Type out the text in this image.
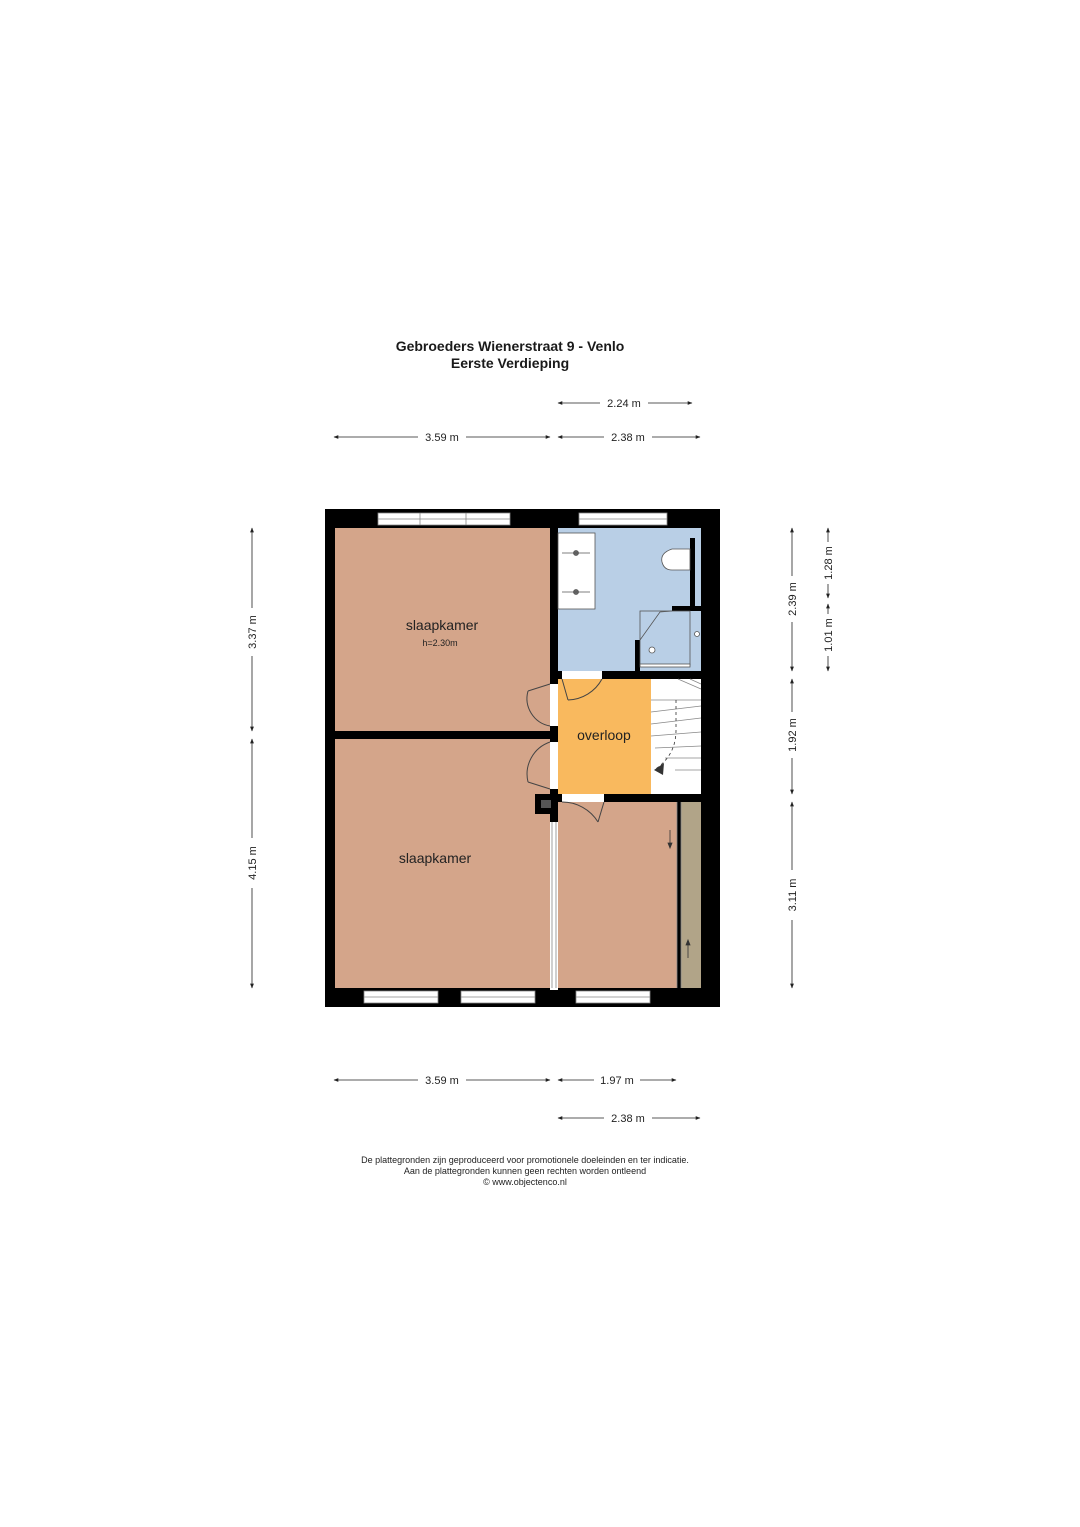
Gebroeders Wienerstraat 9 - Venlo
Eerste Verdieping
slaapkamer
h=2.30m
slaapkamer
overloop
2.24 m
3.59 m	2.38 m
3.37 m
4.15 m
2.39 m
1.92 m
3.11 m
1.28 m
1.01 m
3.59 m	1.97 m
2.38 m
De plattegronden zijn geproduceerd voor promotionele doeleinden en ter indicatie.
Aan de plattegronden kunnen geen rechten worden ontleend
© www.objectenco.nl
